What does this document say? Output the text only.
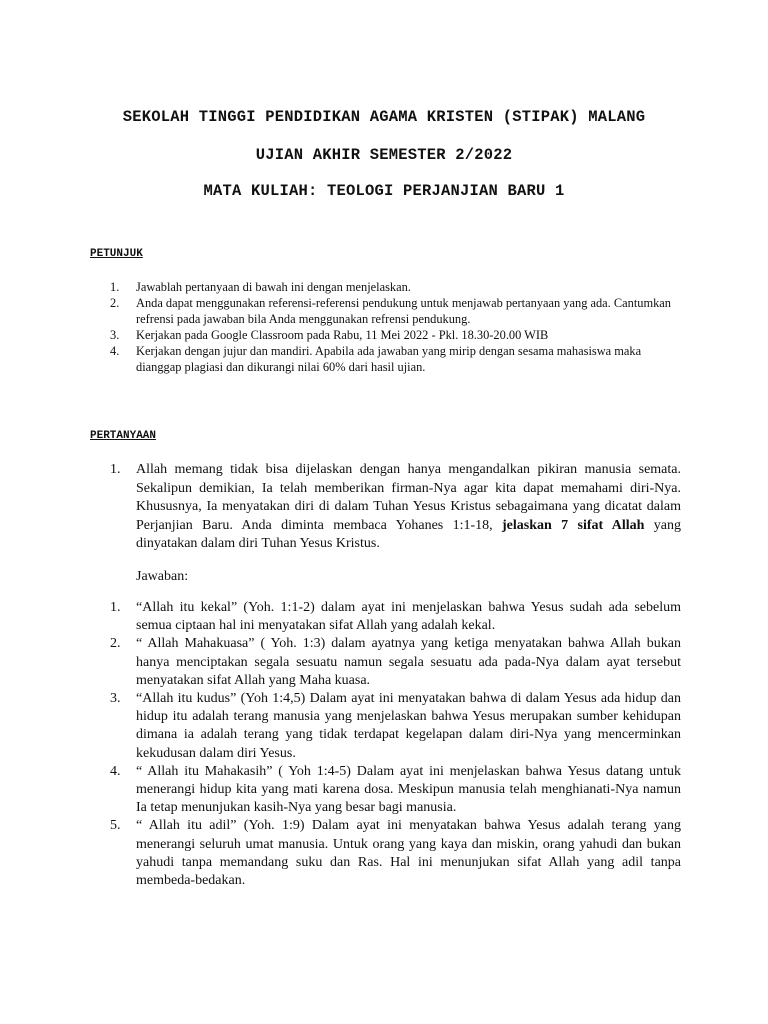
SEKOLAH TINGGI PENDIDIKAN AGAMA KRISTEN (STIPAK) MALANG
UJIAN AKHIR SEMESTER 2/2022
MATA KULIAH: TEOLOGI PERJANJIAN BARU 1
PETUNJUK
1. Jawablah pertanyaan di bawah ini dengan menjelaskan.
2. Anda dapat menggunakan referensi-referensi pendukung untuk menjawab pertanyaan yang ada. Cantumkan refrensi pada jawaban bila Anda menggunakan refrensi pendukung.
3. Kerjakan pada Google Classroom pada Rabu, 11 Mei 2022 - Pkl. 18.30-20.00 WIB
4. Kerjakan dengan jujur dan mandiri. Apabila ada jawaban yang mirip dengan sesama mahasiswa maka dianggap plagiasi dan dikurangi nilai 60% dari hasil ujian.
PERTANYAAN
1. Allah memang tidak bisa dijelaskan dengan hanya mengandalkan pikiran manusia semata. Sekalipun demikian, Ia telah memberikan firman-Nya agar kita dapat memahami diri-Nya. Khususnya, Ia menyatakan diri di dalam Tuhan Yesus Kristus sebagaimana yang dicatat dalam Perjanjian Baru. Anda diminta membaca Yohanes 1:1-18, jelaskan 7 sifat Allah yang dinyatakan dalam diri Tuhan Yesus Kristus.

Jawaban:

1. “Allah itu kekal” (Yoh. 1:1-2) dalam ayat ini menjelaskan bahwa Yesus sudah ada sebelum semua ciptaan hal ini menyatakan sifat Allah yang adalah kekal.
2. “ Allah Mahakuasa” ( Yoh. 1:3) dalam ayatnya yang ketiga menyatakan bahwa Allah bukan hanya menciptakan segala sesuatu namun segala sesuatu ada pada-Nya dalam ayat tersebut menyatakan sifat Allah yang Maha kuasa.
3. “Allah itu kudus” (Yoh 1:4,5) Dalam ayat ini menyatakan bahwa di dalam Yesus ada hidup dan hidup itu adalah terang manusia yang menjelaskan bahwa Yesus merupakan sumber kehidupan dimana ia adalah terang yang tidak terdapat kegelapan dalam diri-Nya yang mencerminkan kekudusan dalam diri Yesus.
4. “ Allah itu Mahakasih” ( Yoh 1:4-5) Dalam ayat ini menjelaskan bahwa Yesus datang untuk menerangi hidup kita yang mati karena dosa. Meskipun manusia telah menghianati-Nya namun Ia tetap menunjukan kasih-Nya yang besar bagi manusia.
5. “ Allah itu adil” (Yoh. 1:9) Dalam ayat ini menyatakan bahwa Yesus adalah terang yang menerangi seluruh umat manusia. Untuk orang yang kaya dan miskin, orang yahudi dan bukan yahudi tanpa memandang suku dan Ras. Hal ini menunjukan sifat Allah yang adil tanpa membeda-bedakan.
